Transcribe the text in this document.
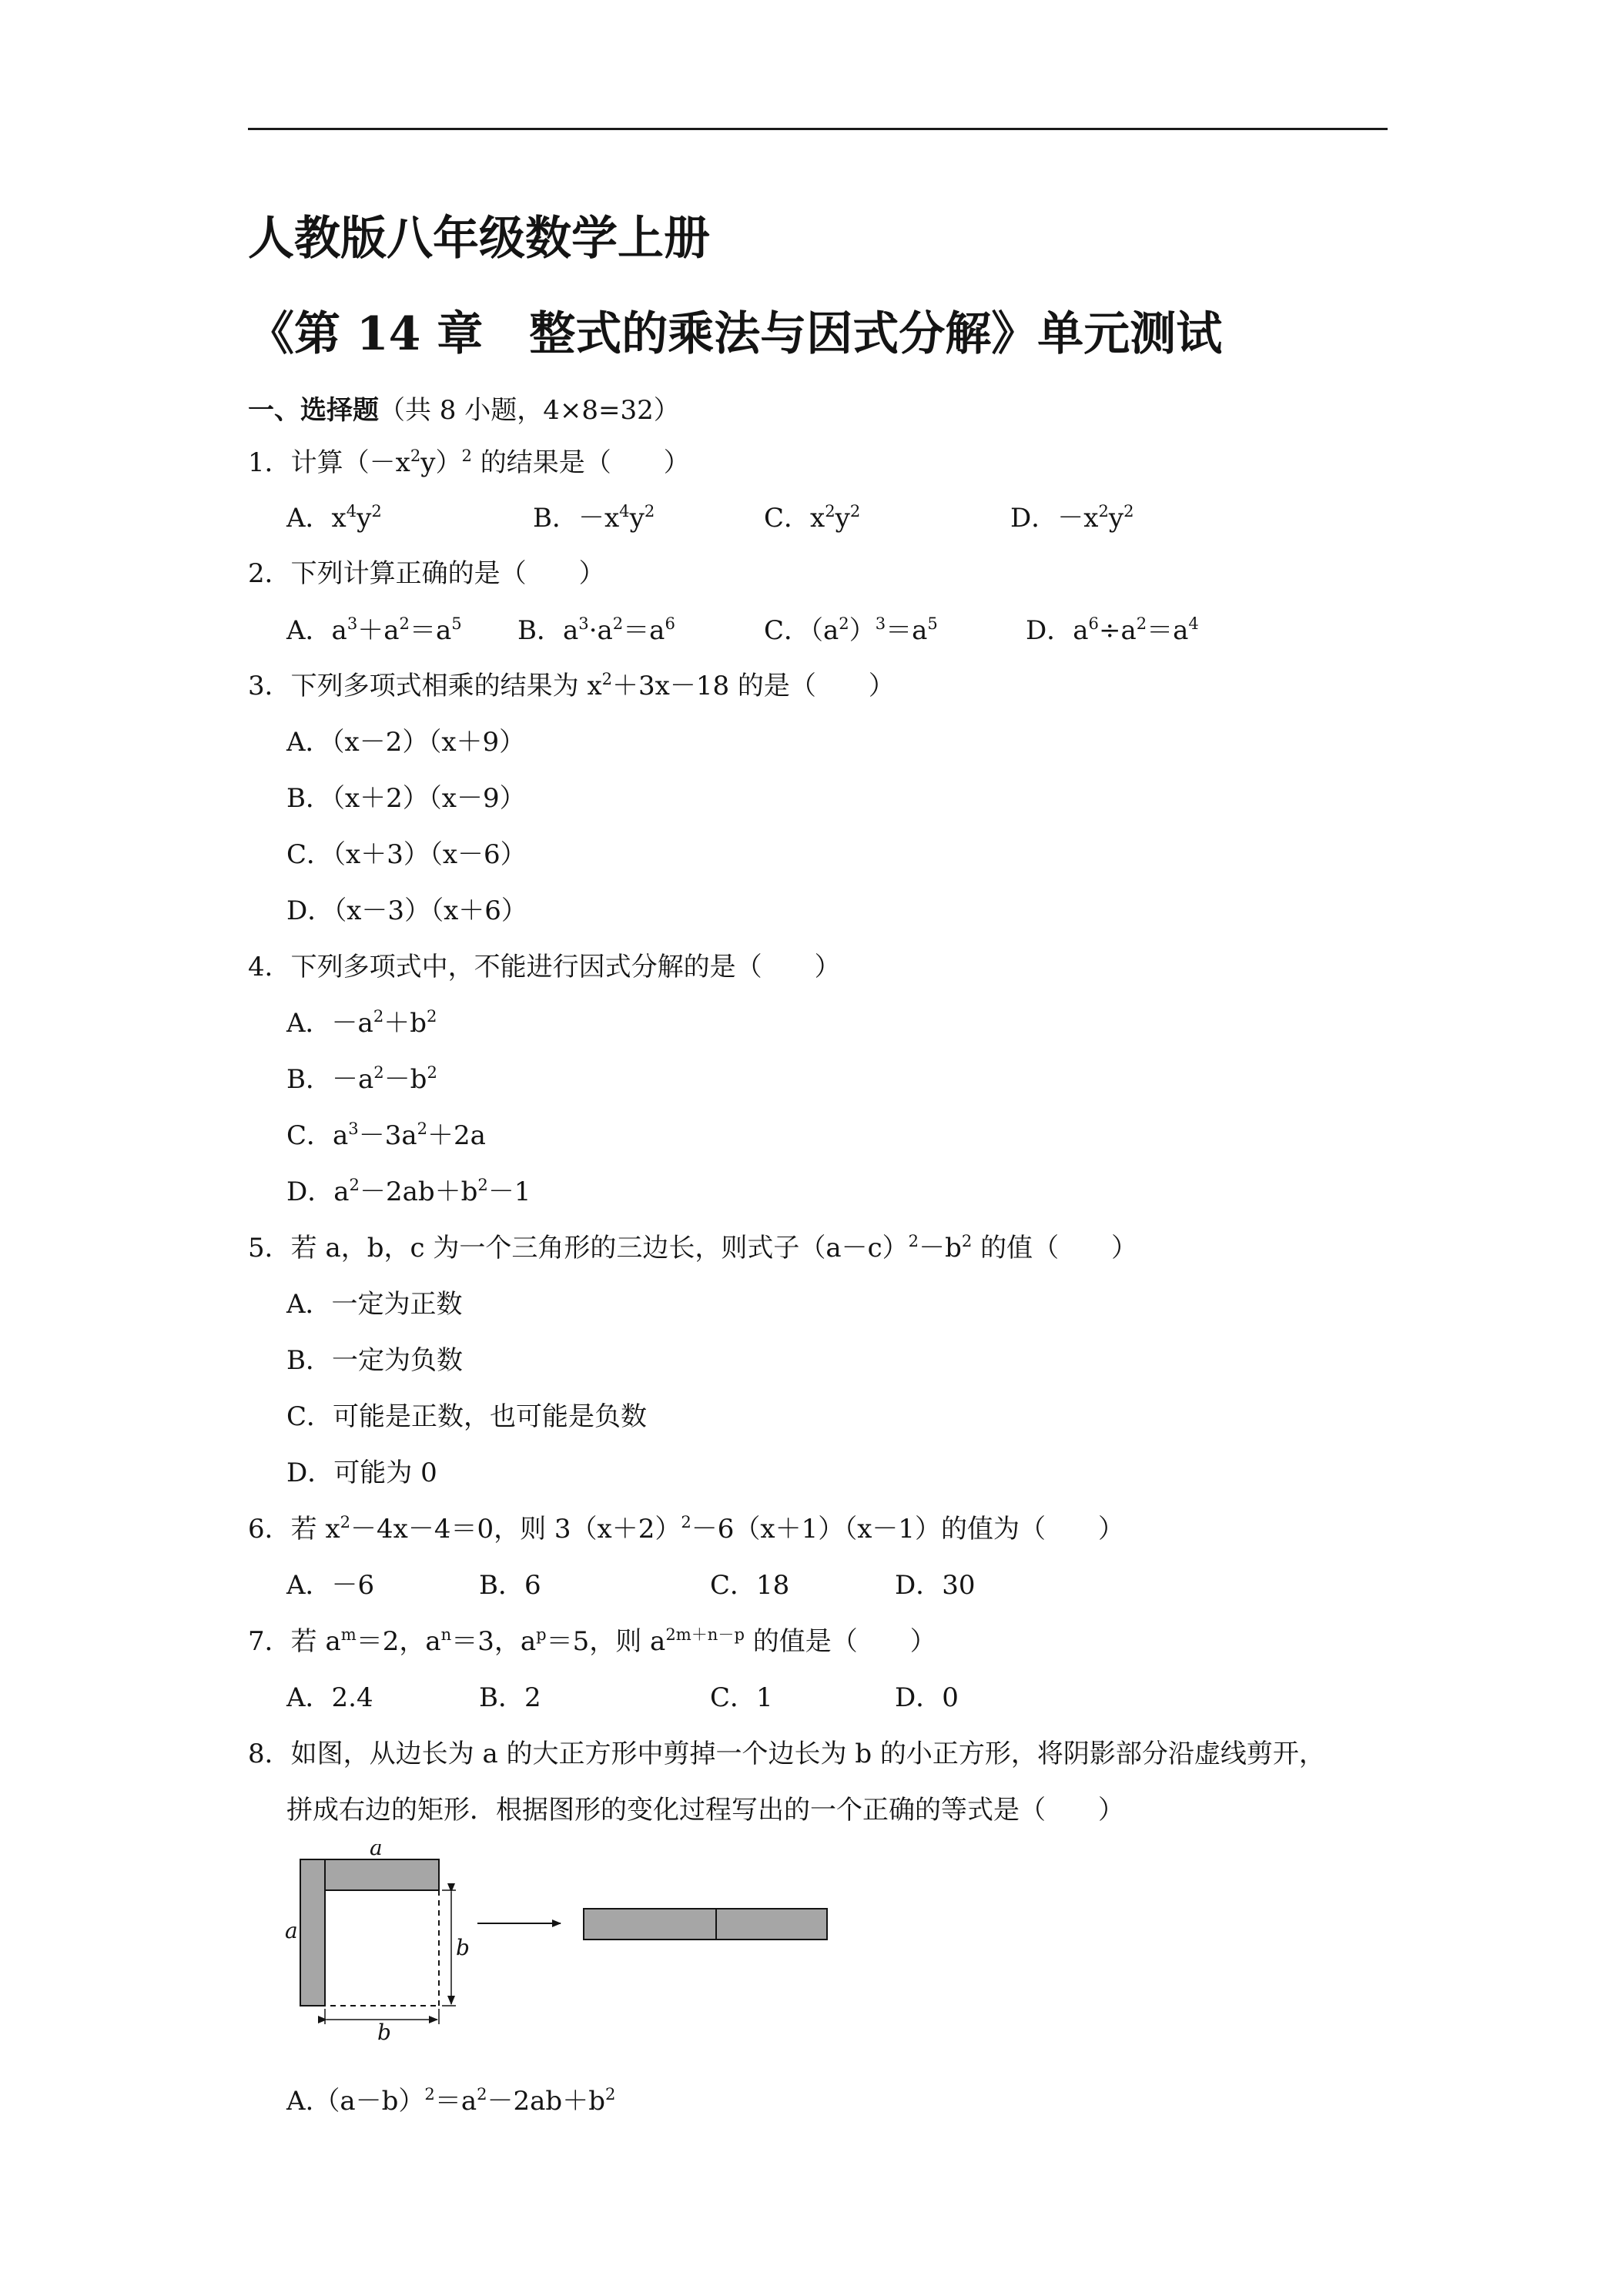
人教版八年级数学上册
《第 14 章　整式的乘法与因式分解》单元测试
一、选择题（共 8 小题，4×8=32）
1．计算$(-x^2y)^2$ 的结果是（　　）
A．$x^4y^2$	B．$-x^4y^2$	C．$x^2y^2$	D．$-x^2y^2$
2．下列计算正确的是（　　）
A．$a^3+a^2=a^5$ B．$a^3\cdot a^2=a^6$	C．$(a^2)^3=a^5$	D．$a^6\div a^2=a^4$
3．下列多项式相乘的结果为 $x^2+3x-18$ 的是（　　）
A．（x－2）（x＋9）
B．（x＋2）（x－9）
C．（x＋3）（x－6）
D．（x－3）（x＋6）
4．下列多项式中，不能进行因式分解的是（　　）
A．$-a^2+b^2$
B．$-a^2-b^2$
C．$a^3-3a^2+2a$
D．$a^2-2ab+b^2-1$
5．若 a，b，c 为一个三角形的三边长，则式子$(a-c)^2-b^2$ 的值（　　）
A．一定为正数
B．一定为负数
C．可能是正数，也可能是负数
D．可能为 0
6．若 $x^2-4x-4=0$，则 $3(x+2)^2-6(x+1)(x-1)$的值为（　　）
A．－6	B．6	C．18	D．30
7．若 $a^m=2$，$a^n=3$，$a^p=5$，则 $a^{2m+n-p}$ 的值是（　　）
A．2.4	B．2	C．1	D．0
8．如图，从边长为 a 的大正方形中剪掉一个边长为 b 的小正方形，将阴影部分沿虚线剪开，
拼成右边的矩形．根据图形的变化过程写出的一个正确的等式是（　　）
a
a
b
b
$A.(a-b)^2=a^2-2ab+b^2$
